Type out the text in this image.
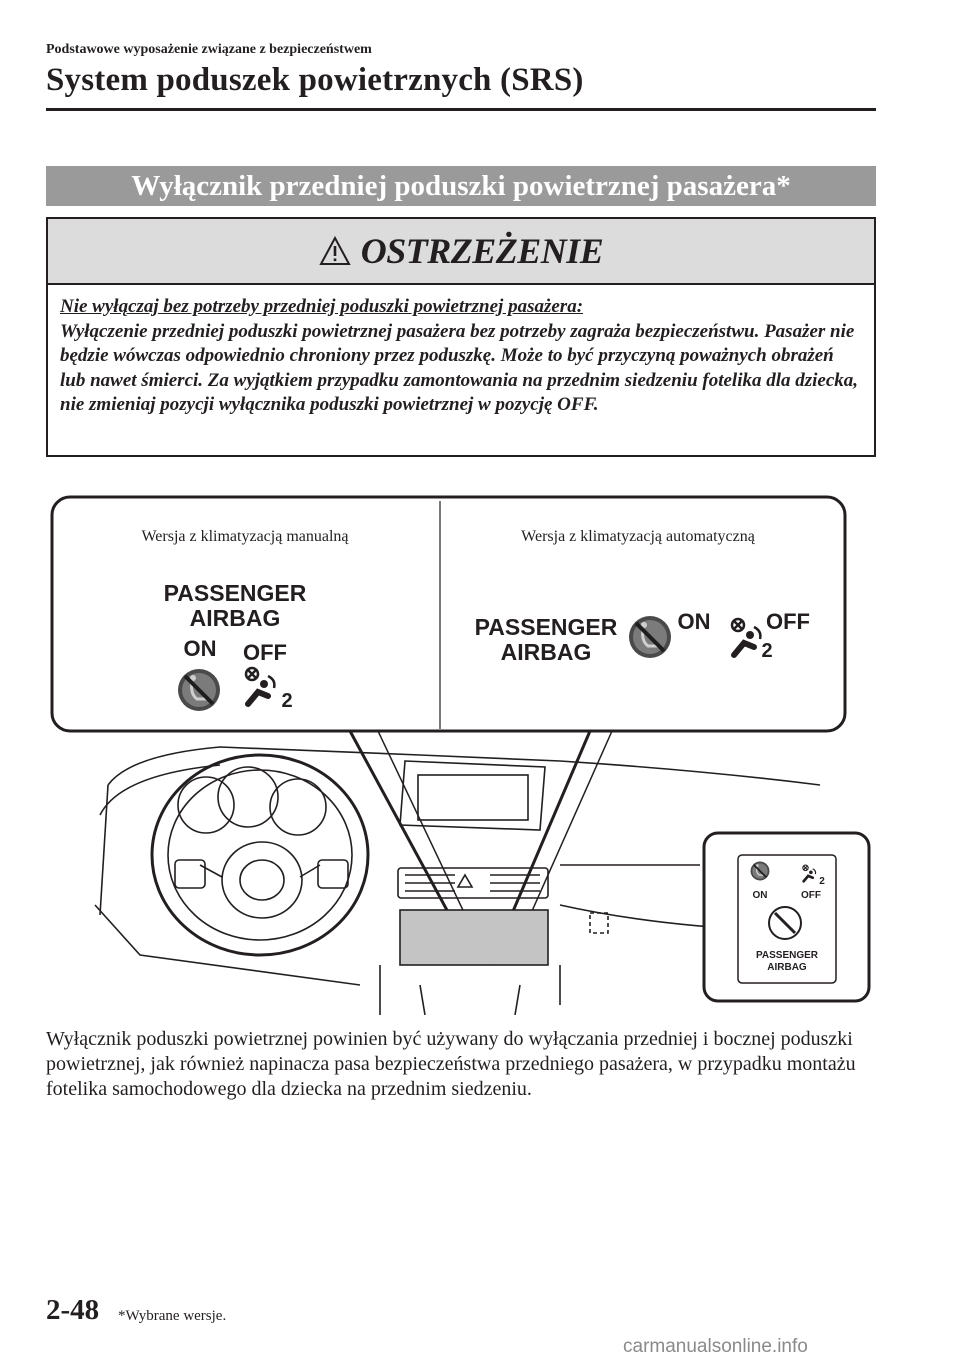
Podstawowe wyposażenie związane z bezpieczeństwem
System poduszek powietrznych (SRS)
Wyłącznik przedniej poduszki powietrznej pasażera*
OSTRZEŻENIE
Nie wyłączaj bez potrzeby przedniej poduszki powietrznej pasażera:
Wyłączenie przedniej poduszki powietrznej pasażera bez potrzeby zagraża bezpieczeństwu. Pasażer nie będzie wówczas odpowiednio chroniony przez poduszkę. Może to być przyczyną poważnych obrażeń lub nawet śmierci. Za wyjątkiem przypadku zamontowania na przednim siedzeniu fotelika dla dziecka, nie zmieniaj pozycji wyłącznika poduszki powietrznej w pozycję OFF.
Wersja z klimatyzacją manualną	Wersja z klimatyzacją automatyczną
PASSENGER
AIRBAG
ON OFF
2
PASSENGER
AIRBAG
ON	OFF
2
2
ON	OFF
PASSENGER
AIRBAG
Wyłącznik poduszki powietrznej powinien być używany do wyłączania przedniej i bocznej poduszki powietrznej, jak również napinacza pasa bezpieczeństwa przedniego pasażera, w przypadku montażu fotelika samochodowego dla dziecka na przednim siedzeniu.
2-48 *Wybrane wersje.
carmanualsonline.info
